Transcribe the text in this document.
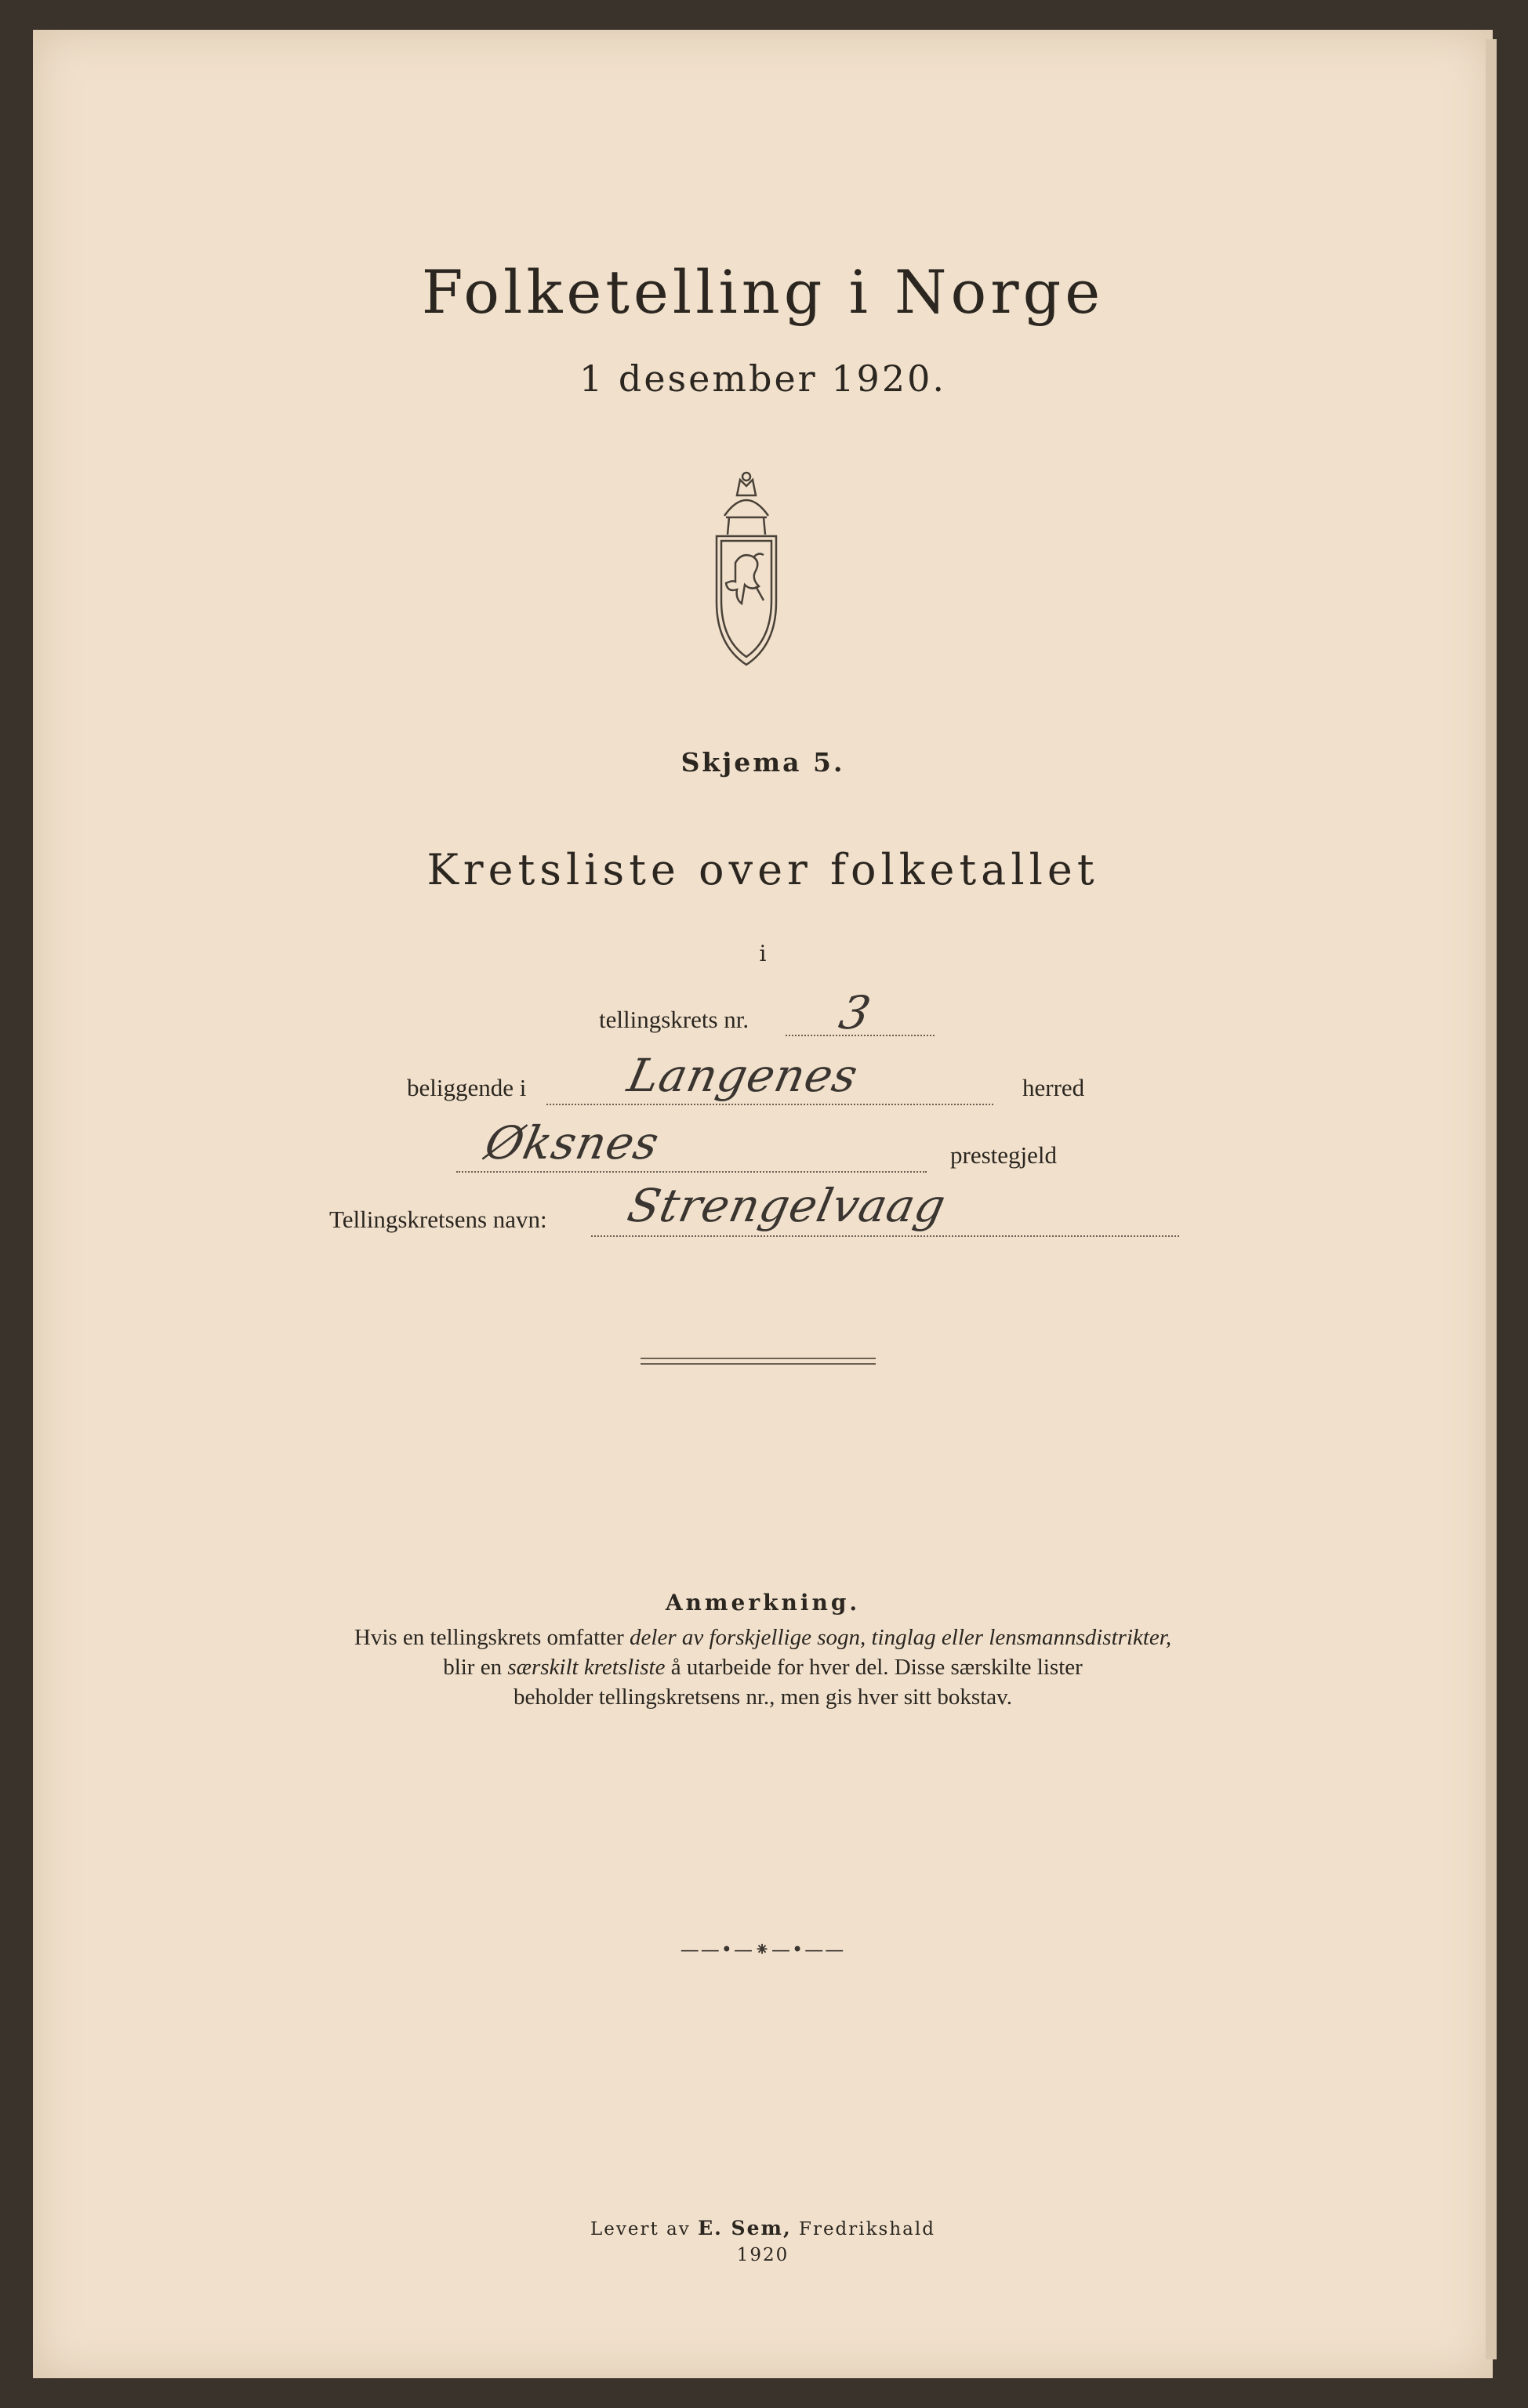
Folketelling i Norge
1 desember 1920.
Skjema 5.
Kretsliste over folketallet
i
tellingskrets nr. 3
beliggende i Langenes	herred
Øksnes	prestegjeld
Tellingskretsens navn: Strengelvaag
Anmerkning.
Hvis en tellingskrets omfatter deler av forskjellige sogn, tinglag eller lensmannsdistrikter,
blir en særskilt kretsliste å utarbeide for hver del. Disse særskilte lister
beholder tellingskretsens nr., men gis hver sitt bokstav.
——•—⁕—•——
Levert av E. Sem, Fredrikshald
1920
